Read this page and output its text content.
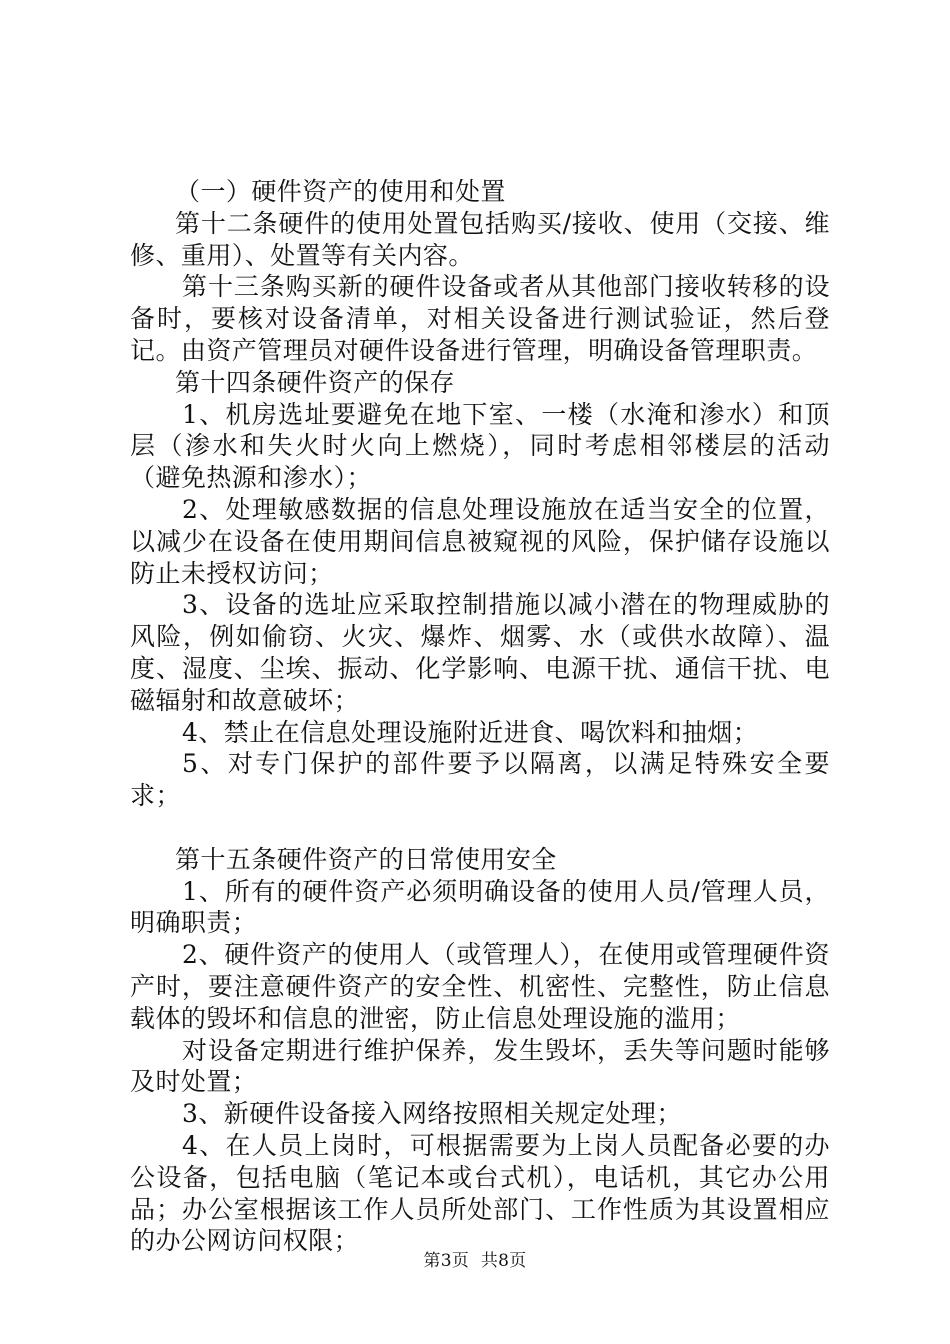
（一）硬件资产的使用和处置

第十二条硬件的使用处置包括购买/接收、使用（交接、维修、重用）、处置等有关内容。

第十三条购买新的硬件设备或者从其他部门接收转移的设备时，要核对设备清单，对相关设备进行测试验证，然后登记。由资产管理员对硬件设备进行管理，明确设备管理职责。

第十四条硬件资产的保存

1、机房选址要避免在地下室、一楼（水淹和渗水）和顶层（渗水和失火时火向上燃烧），同时考虑相邻楼层的活动（避免热源和渗水）；

2、处理敏感数据的信息处理设施放在适当安全的位置，以减少在设备在使用期间信息被窥视的风险，保护储存设施以防止未授权访问；

3、设备的选址应采取控制措施以减小潜在的物理威胁的风险，例如偷窃、火灾、爆炸、烟雾、水（或供水故障）、温度、湿度、尘埃、振动、化学影响、电源干扰、通信干扰、电磁辐射和故意破坏；

4、禁止在信息处理设施附近进食、喝饮料和抽烟；

5、对专门保护的部件要予以隔离，以满足特殊安全要求；

第十五条硬件资产的日常使用安全

1、所有的硬件资产必须明确设备的使用人员/管理人员，明确职责；

2、硬件资产的使用人（或管理人），在使用或管理硬件资产时，要注意硬件资产的安全性、机密性、完整性，防止信息载体的毁坏和信息的泄密，防止信息处理设施的滥用；

对设备定期进行维护保养，发生毁坏，丢失等问题时能够及时处置；

3、新硬件设备接入网络按照相关规定处理；

4、在人员上岗时，可根据需要为上岗人员配备必要的办公设备，包括电脑（笔记本或台式机），电话机，其它办公用品；办公室根据该工作人员所处部门、工作性质为其设置相应的办公网访问权限；

第3页 共8页
